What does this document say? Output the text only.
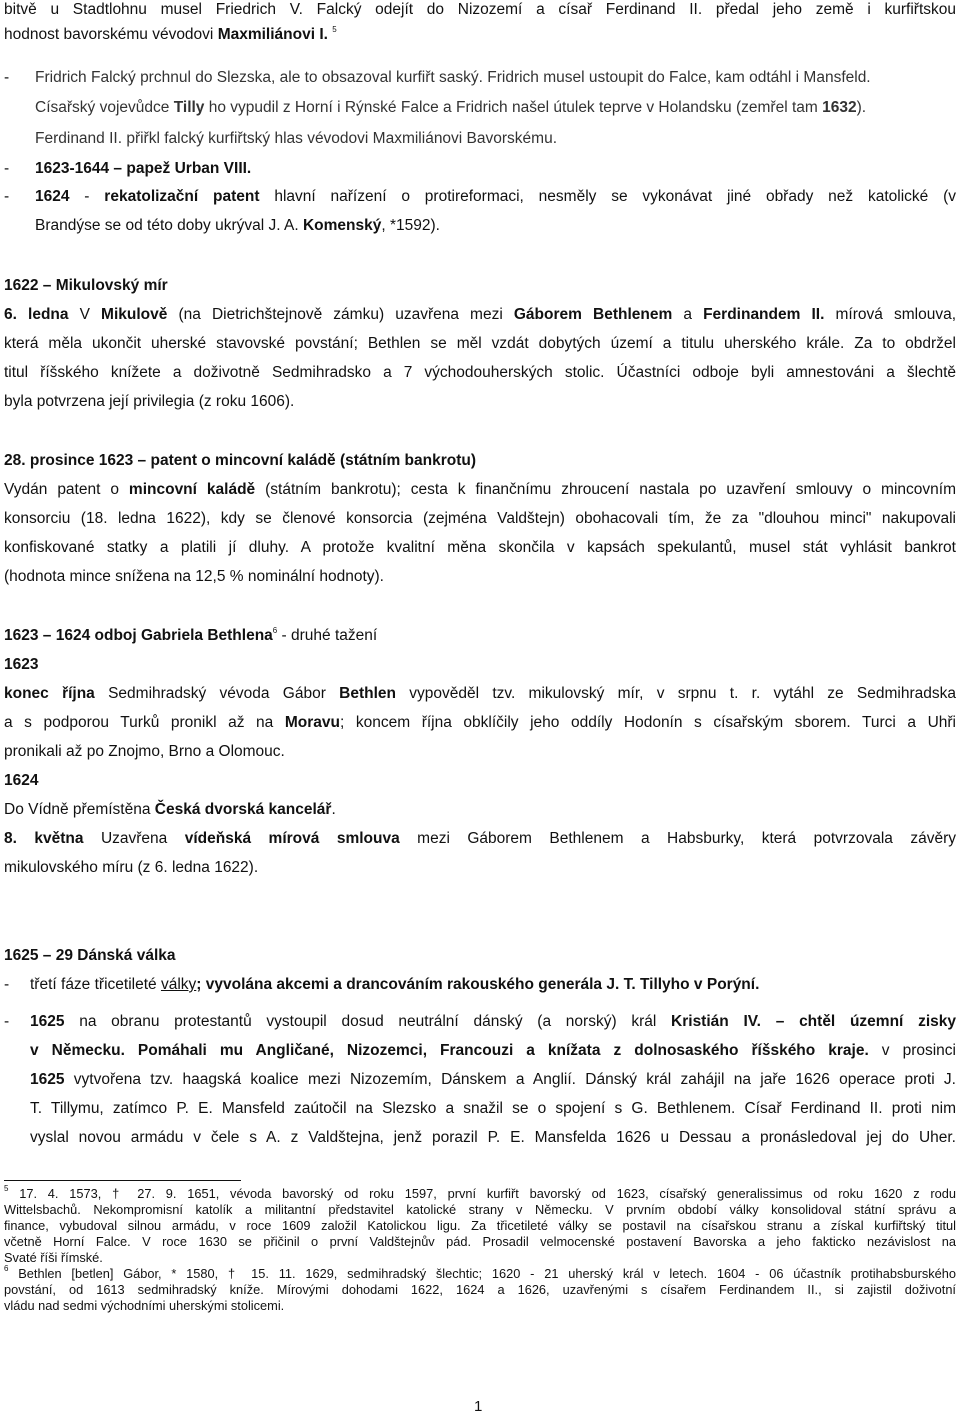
bitvě u Stadtlohnu musel Friedrich V. Falcký odejít do Nizozemí a císař Ferdinand II. předal jeho země i kurfiřtskou
hodnost bavorskému vévodovi Maxmiliánovi I. $^5$
- Fridrich Falcký prchnul do Slezska, ale to obsazoval kurfiřt saský. Fridrich musel ustoupit do Falce, kam odtáhl i Mansfeld.
Císařský vojevůdce Tilly ho vypudil z Horní i Rýnské Falce a Fridrich našel útulek teprve v Holandsku (zemřel tam 1632).
Ferdinand II. přiřkl falcký kurfiřtský hlas vévodovi Maxmiliánovi Bavorskému.
- 1623-1644 – papež Urban VIII.
- 1624 - rekatolizační patent hlavní nařízení o protireformaci, nesměly se vykonávat jiné obřady než katolické (v
Brandýse se od této doby ukrýval J. A. Komenský, *1592).
1622 – Mikulovský mír
6. ledna V Mikulově (na Dietrichštejnově zámku) uzavřena mezi Gáborem Bethlenem a Ferdinandem II. mírová smlouva,
která měla ukončit uherské stavovské povstání; Bethlen se měl vzdát dobytých území a titulu uherského krále. Za to obdržel
titul říšského knížete a doživotně Sedmihradsko a 7 východouherských stolic. Účastníci odboje byli amnestováni a šlechtě
byla potvrzena její privilegia (z roku 1606).
28. prosince 1623 – patent o mincovní kaládě (státním bankrotu)
Vydán patent o mincovní kaládě (státním bankrotu); cesta k finančnímu zhroucení nastala po uzavření smlouvy o mincovním
konsorciu (18. ledna 1622), kdy se členové konsorcia (zejména Valdštejn) obohacovali tím, že za "dlouhou minci" nakupovali
konfiskované statky a platili jí dluhy. A protože kvalitní měna skončila v kapsách spekulantů, musel stát vyhlásit bankrot
(hodnota mince snížena na 12,5 % nominální hodnoty).
1623 – 1624 odboj Gabriela Bethlena$^6$ - druhé tažení
1623
konec října Sedmihradský vévoda Gábor Bethlen vypověděl tzv. mikulovský mír, v srpnu t. r. vytáhl ze Sedmihradska
a s podporou Turků pronikl až na Moravu; koncem října obklíčily jeho oddíly Hodonín s císařským sborem. Turci a Uhři
pronikali až po Znojmo, Brno a Olomouc.
1624
Do Vídně přemístěna Česká dvorská kancelář.
8. května Uzavřena vídeňská mírová smlouva mezi Gáborem Bethlenem a Habsburky, která potvrzovala závěry
mikulovského míru (z 6. ledna 1622).
1625 – 29 Dánská válka
- třetí fáze třicetileté války; vyvolána akcemi a drancováním rakouského generála J. T. Tillyho v Porýní.
- 1625 na obranu protestantů vystoupil dosud neutrální dánský (a norský) král Kristián IV. – chtěl územní zisky
v Německu. Pomáhali mu Angličané, Nizozemci, Francouzi a knížata z dolnosaského říšského kraje. v prosinci
1625 vytvořena tzv. haagská koalice mezi Nizozemím, Dánskem a Anglií. Dánský král zahájil na jaře 1626 operace proti J.
T. Tillymu, zatímco P. E. Mansfeld zaútočil na Slezsko a snažil se o spojení s G. Bethlenem. Císař Ferdinand II. proti nim
vyslal novou armádu v čele s A. z Valdštejna, jenž porazil P. E. Mansfelda 1626 u Dessau a pronásledoval jej do Uher.
$^5$ 17. 4. 1573, † 27. 9. 1651, vévoda bavorský od roku 1597, první kurfiřt bavorský od 1623, císařský generalissimus od roku 1620 z rodu
Wittelsbachů. Nekompromisní katolík a militantní představitel katolické strany v Německu. V prvním období války konsolidoval státní správu a
finance, vybudoval silnou armádu, v roce 1609 založil Katolickou ligu. Za třicetileté války se postavil na císařskou stranu a získal kurfiřtský titul
včetně Horní Falce. V roce 1630 se přičinil o první Valdštejnův pád. Prosadil velmocenské postavení Bavorska a jeho fakticko nezávislost na
Svaté říši římské.
$^6$ Bethlen [betlen] Gábor, * 1580, † 15. 11. 1629, sedmihradský šlechtic; 1620 - 21 uherský král v letech. 1604 - 06 účastník protihabsburského
povstání, od 1613 sedmihradský kníže. Mírovými dohodami 1622, 1624 a 1626, uzavřenými s císařem Ferdinandem II., si zajistil doživotní
vládu nad sedmi východními uherskými stolicemi.
1
